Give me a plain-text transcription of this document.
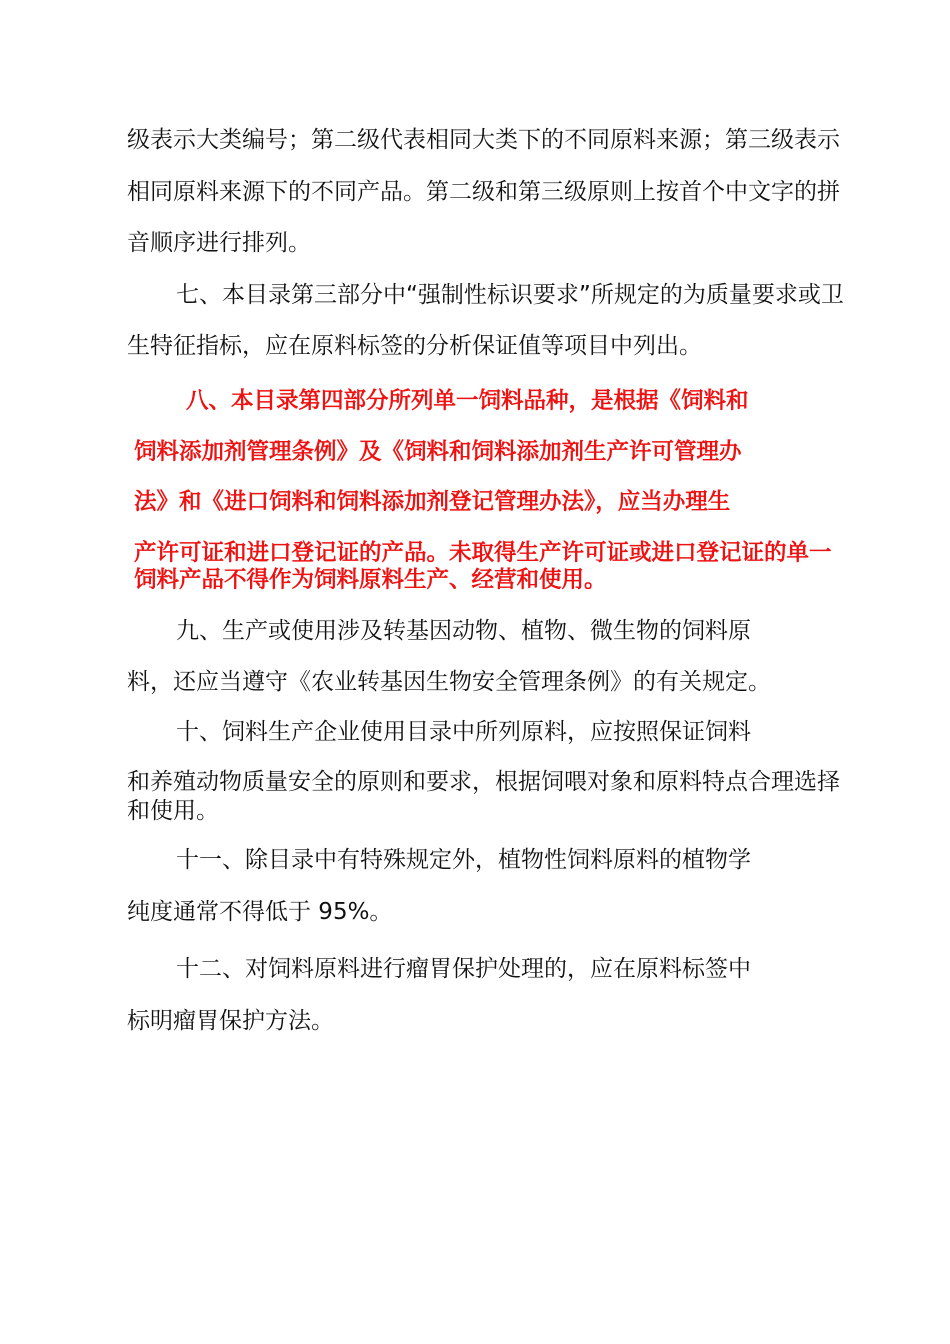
级表示大类编号；第二级代表相同大类下的不同原料来源；第三级表示
相同原料来源下的不同产品。第二级和第三级原则上按首个中文字的拼
音顺序进行排列。
七、本目录第三部分中“强制性标识要求”所规定的为质量要求或卫
生特征指标，应在原料标签的分析保证值等项目中列出。
八、本目录第四部分所列单一饲料品种，是根据《饲料和
饲料添加剂管理条例》及《饲料和饲料添加剂生产许可管理办
法》和《进口饲料和饲料添加剂登记管理办法》，应当办理生
产许可证和进口登记证的产品。未取得生产许可证或进口登记证的单一
饲料产品不得作为饲料原料生产、经营和使用。
九、生产或使用涉及转基因动物、植物、微生物的饲料原
料，还应当遵守《农业转基因生物安全管理条例》的有关规定。
十、饲料生产企业使用目录中所列原料，应按照保证饲料
和养殖动物质量安全的原则和要求，根据饲喂对象和原料特点合理选择
和使用。
十一、除目录中有特殊规定外，植物性饲料原料的植物学
纯度通常不得低于 95%。
十二、对饲料原料进行瘤胃保护处理的，应在原料标签中
标明瘤胃保护方法。
